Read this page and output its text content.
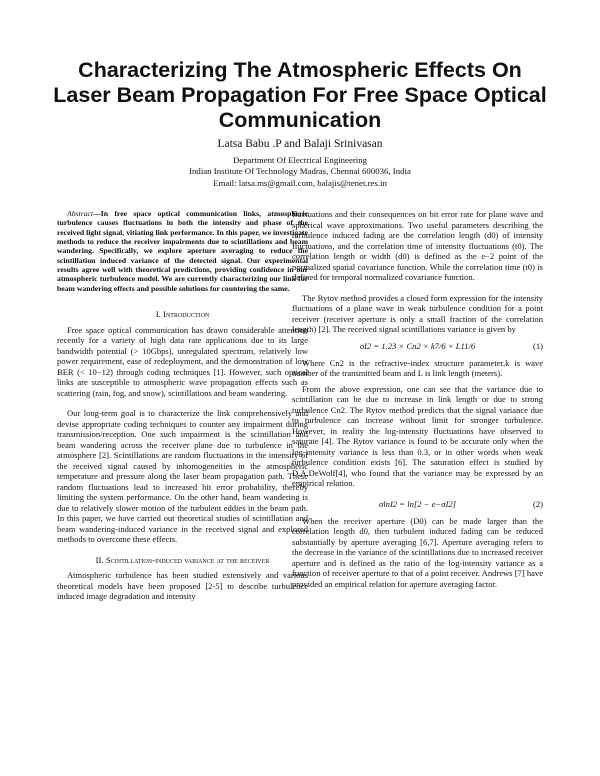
Characterizing The Atmospheric Effects On
Laser Beam Propagation For Free Space Optical
Communication
Latsa Babu .P and Balaji Srinivasan
Department Of Electrical Engineering
Indian Institute Of Technology Madras, Chennai 600036, India
Email: latsa.ms@gmail.com, balajis@tenet.res.in

Abstract—In free space optical communication links, atmospheric turbulence causes fluctuations in both the intensity and phase of the received light signal, vitiating link performance. In this paper, we investigate methods to reduce the receiver impairments due to scintillations and beam wandering. Specifically, we explore aperture averaging to reduce the scintillation induced variance of the detected signal. Our experimental results agree well with theoretical predictions, providing confidence in our atmospheric turbulence model. We are currently characterizing our link for beam wandering effects and possible solutions for countering the same.

I. Introduction

Free space optical communication has drawn considerable attention recently for a variety of high data rate applications due to its large bandwidth potential (> 10Gbps), unregulated spectrum, relatively low power requirement, ease of redeployment, and the demonstration of low BER (< 10−12) through coding techniques [1]. However, such optical links are susceptible to atmospheric wave propagation effects such as scattering (rain, fog, and snow), scintillations and beam wandering.

Our long-term goal is to characterize the link comprehensively and devise appropriate coding techniques to counter any impairment during transmission/reception. One such impairment is the scintillation and beam wandering across the receiver plane due to turbulence in the atmosphere [2]. Scintillations are random fluctuations in the intensity of the received signal caused by inhomogeneities in the atmospheric temperature and pressure along the laser beam propagation path. These random fluctuations lead to increased bit error probability, thereby limiting the system performance. On the other hand, beam wandering is due to relatively slower motion of the turbulent eddies in the beam path. In this paper, we have carried out theoretical studies of scintillation and beam wandering-induced variance in the received signal and explored methods to overcome these effects.

II. Scintillation-induced variance at the receiver

Atmospheric turbulence has been studied extensively and various theoretical models have been proposed [2-5] to describe turbulence induced image degradation and intensity

fluctuations and their consequences on bit error rate for plane wave and spherical wave approximations. Two useful parameters describing the turbulence induced fading are the correlation length (d0) of intensity fluctuations, and the correlation time of intensity fluctuations (t0). The correlation length or width (d0) is defined as the e−2 point of the normalized spatial covariance function. While the correlation time (t0) is defined for temporal normalized covariance function.

The Rytov method provides a closed form expression for the intensity fluctuations of a plane wave in weak turbulence condition for a point receiver (receiver aperture is only a small fraction of the correlation length) [2]. The received signal scintillations variance is given by

σI2 = 1.23 × Cn2 × k7/6 × L11/6	(1)

Where Cn2 is the refractive-index structure parameter,k is wave number of the transmitted beam and L is link length (meters).

From the above expression, one can see that the variance due to scintillation can be due to increase in link length or due to strong turbulence Cn2. The Rytov method predicts that the signal variance due to turbulence can increase without limit for stronger turbulence. However, in reality the log-intensity fluctuations have observed to saturate [4]. The Rytov variance is found to be accurate only when the log-intensity variance is less than 0.3, or in other words when weak turbulence condition exists [6]. The saturation effect is studied by D.A.DeWolf[4], who found that the variance may be expressed by an empirical relation.

σlnI2 = ln[2 − e−σI2]	(2)

When the receiver aperture (D0) can be made larger than the correlation length d0, then turbulent induced fading can be reduced substantially by aperture averaging [6,7]. Aperture averaging refers to the decrease in the variance of the scintillations due to increased receiver aperture and is defined as the ratio of the log-intensity variance as a function of receiver aperture to that of a point receiver. Andrews [7] have provided an empirical relation for aperture averaging factor.
